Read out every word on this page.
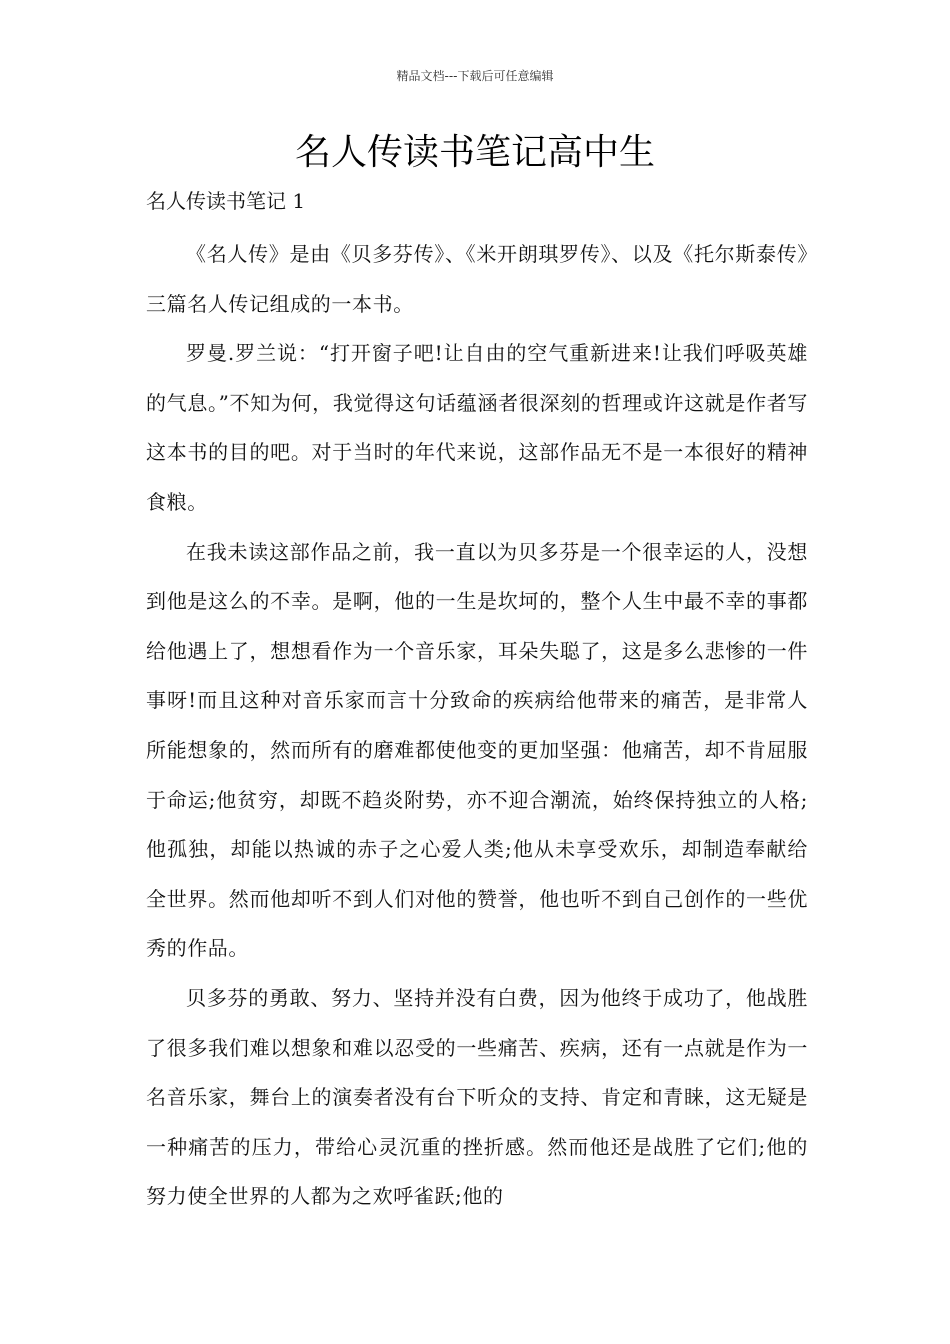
精品文档---下载后可任意编辑
名人传读书笔记高中生
名人传读书笔记 1

《名人传》是由《贝多芬传》、《米开朗琪罗传》、以及《托尔斯泰传》三篇名人传记组成的一本书。

罗曼.罗兰说：“打开窗子吧!让自由的空气重新进来!让我们呼吸英雄的气息。”不知为何，我觉得这句话蕴涵者很深刻的哲理或许这就是作者写这本书的目的吧。对于当时的年代来说，这部作品无不是一本很好的精神食粮。

在我未读这部作品之前，我一直以为贝多芬是一个很幸运的人，没想到他是这么的不幸。是啊，他的一生是坎坷的，整个人生中最不幸的事都给他遇上了，想想看作为一个音乐家，耳朵失聪了，这是多么悲惨的一件事呀!而且这种对音乐家而言十分致命的疾病给他带来的痛苦，是非常人所能想象的，然而所有的磨难都使他变的更加坚强：他痛苦，却不肯屈服于命运;他贫穷，却既不趋炎附势，亦不迎合潮流，始终保持独立的人格;他孤独，却能以热诚的赤子之心爱人类;他从未享受欢乐，却制造奉献给全世界。然而他却听不到人们对他的赞誉，他也听不到自己创作的一些优秀的作品。

贝多芬的勇敢、努力、坚持并没有白费，因为他终于成功了，他战胜了很多我们难以想象和难以忍受的一些痛苦、疾病，还有一点就是作为一名音乐家，舞台上的演奏者没有台下听众的支持、肯定和青睐，这无疑是一种痛苦的压力，带给心灵沉重的挫折感。然而他还是战胜了它们;他的努力使全世界的人都为之欢呼雀跃;他的
